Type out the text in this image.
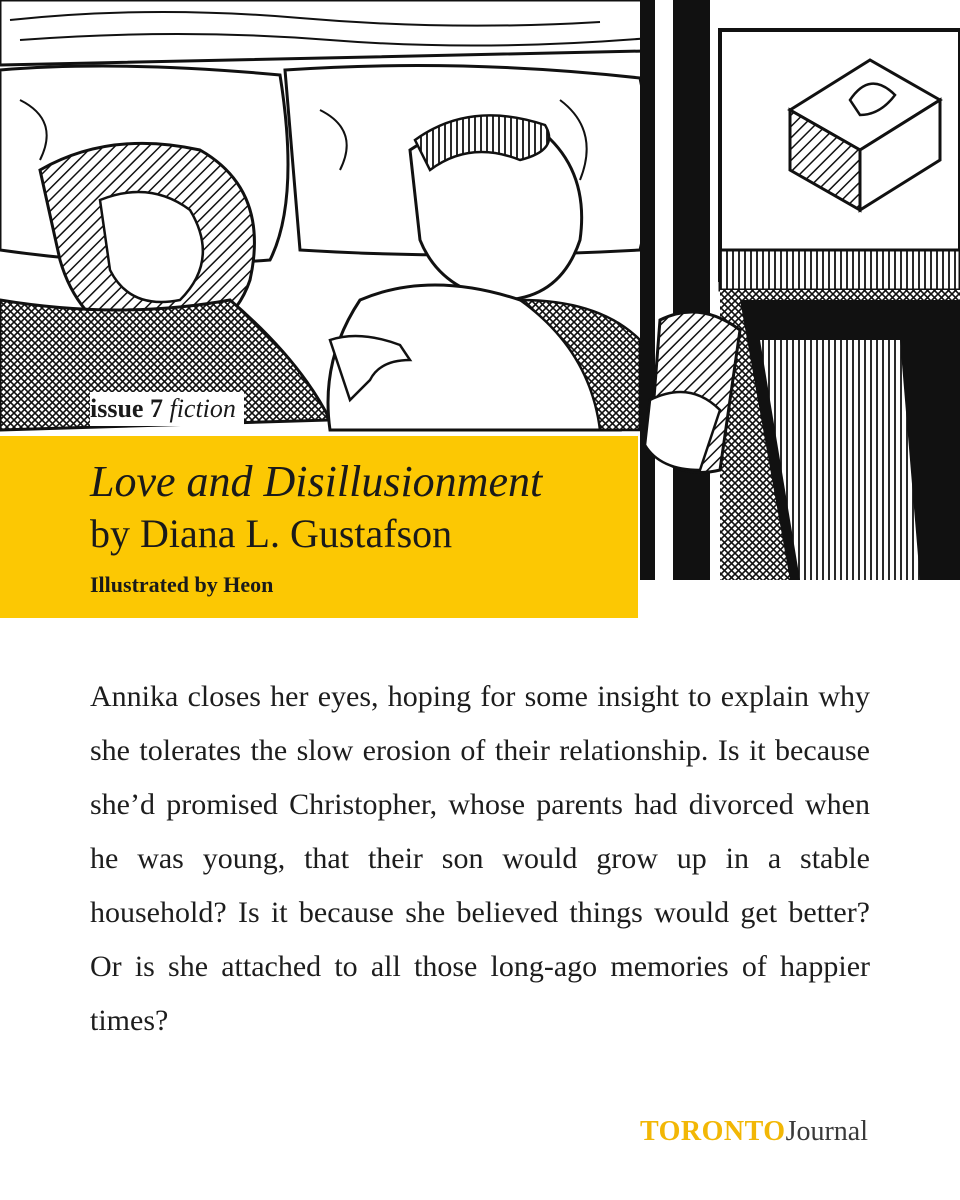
issue 7 fiction
Love and Disillusionment
by Diana L. Gustafson
Illustrated by Heon

Annika closes her eyes, hoping for some insight to explain why she tolerates the slow erosion of their relationship. Is it because she’d promised Christopher, whose parents had divorced when he was young, that their son would grow up in a stable household? Is it because she believed things would get better? Or is she attached to all those long-ago memories of happier times?

TORONTOJournal
